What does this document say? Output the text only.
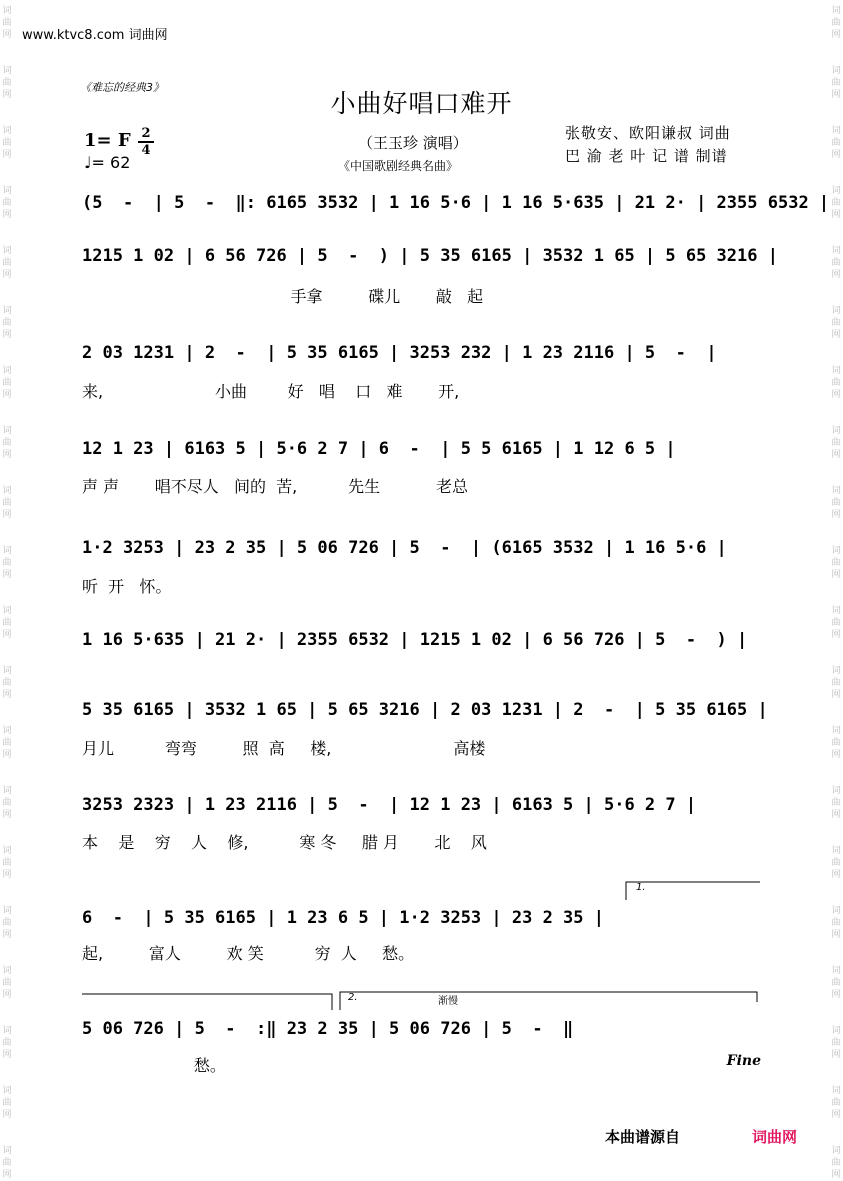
词
曲
网
词
曲
网
词
曲
网
词
曲
网
词
曲
网
词
曲
网
词
曲
网
词
曲
网
词
曲
网
词
曲
网
词
曲
网
词
曲
网
词
曲
网
词
曲
网
词
曲
网
词
曲
网
词
曲
网
词
曲
网
词
曲
网
词
曲
网
词
曲
网
词
曲
网
词
曲
网
词
曲
网
词
曲
网
词
曲
网
词
曲
网
词
曲
网
词
曲
网
词
曲
网
词
曲
网
词
曲
网
词
曲
网
词
曲
网
词
曲
网
词
曲
网
词
曲
网
词
曲
网
词
曲
网
词
曲
网
www.ktvc8.com 词曲网
《难忘的经典3》
小曲好唱口难开
1= F $\frac{2}{4}$
♩= 62
（王玉珍 演唱）
《中国歌剧经典名曲》
张敬安、欧阳谦叔 词曲
巴 渝 老 叶 记 谱 制谱
(5  -  | 5  -  ‖: 6165 3532 | 1 16 5·6 | 1 16 5·635 | 21 2· | 2355 6532 |
1215 1 02 | 6 56 726 | 5  -  ) | 5 35 6165 | 3532 1 65 | 5 65 3216 |
手拿         碟儿       敲   起
2 03 1231 | 2  -  | 5 35 6165 | 3253 232 | 1 23 2116 | 5  -  |
来,                      小曲        好   唱    口   难       开,
12 1 23 | 6163 5 | 5·6 2 7 | 6  -  | 5 5 6165 | 1 12 6 5 |
声 声       唱不尽人   间的  苦,          先生           老总
1·2 3253 | 23 2 35 | 5 06 726 | 5  -  | (6165 3532 | 1 16 5·6 |
听  开   怀。
1 16 5·635 | 21 2· | 2355 6532 | 1215 1 02 | 6 56 726 | 5  -  ) |
5 35 6165 | 3532 1 65 | 5 65 3216 | 2 03 1231 | 2  -  | 5 35 6165 |
月儿          弯弯         照  高     楼,                        高楼
3253 2323 | 1 23 2116 | 5  -  | 12 1 23 | 6163 5 | 5·6 2 7 |
本    是    穷    人    修,          寒 冬     腊 月       北    风
6  -  | 5 35 6165 | 1 23 6 5 | 1·2 3253 | 23 2 35 |
起,         富人         欢 笑          穷  人     愁。
5 06 726 | 5  -  :‖ 23 2 35 | 5 06 726 | 5  -  ‖
愁。
1.
2.	渐慢
Fine
本曲谱源自	词曲网
